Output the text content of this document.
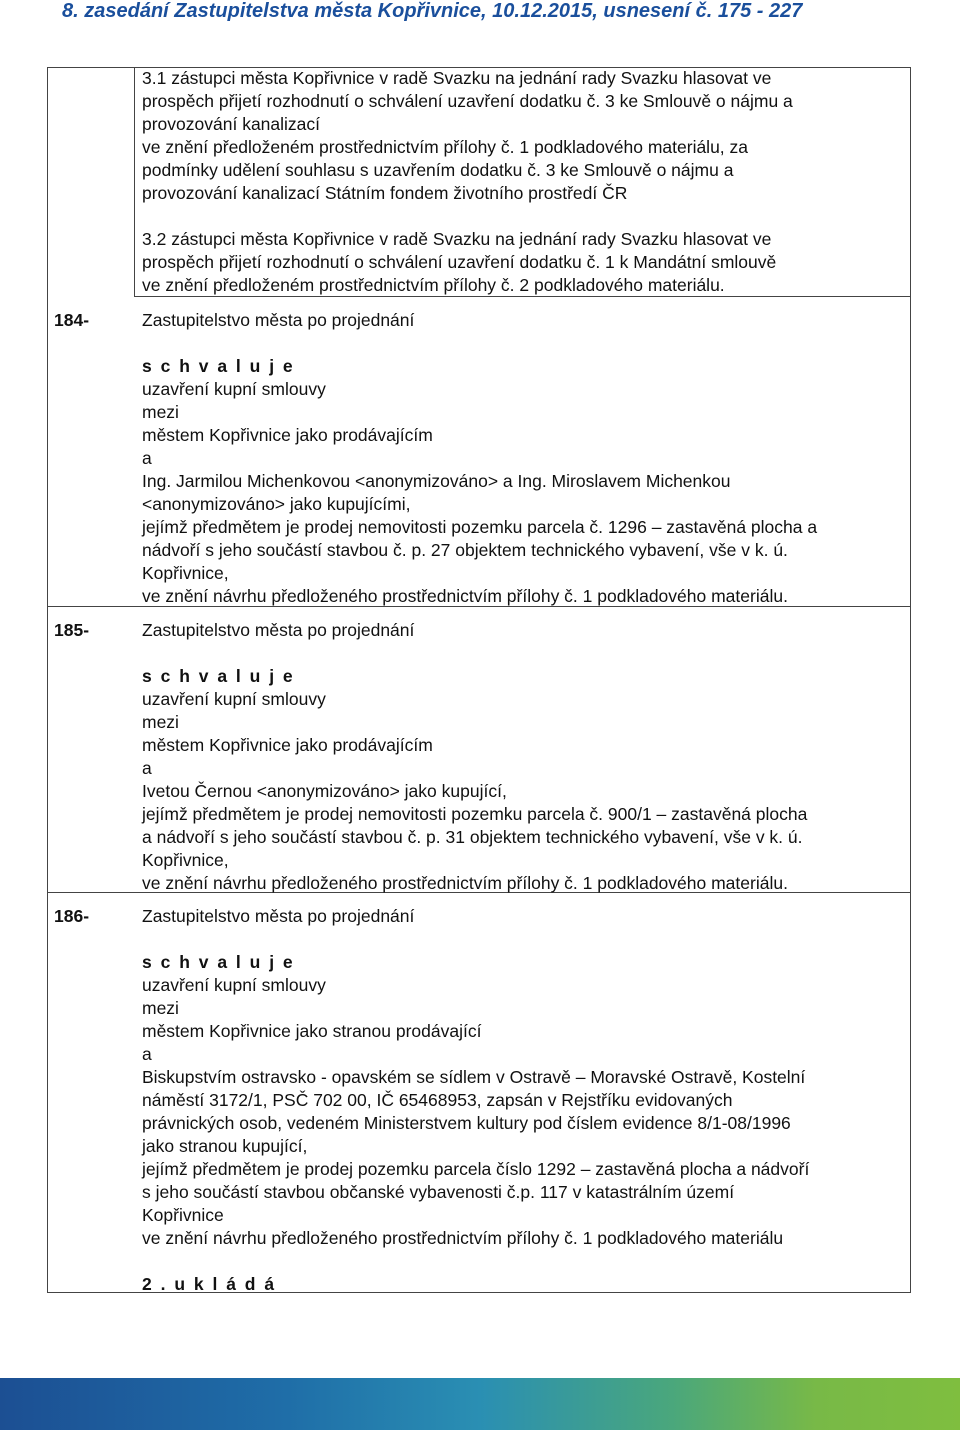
8. zasedání Zastupitelstva města Kopřivnice, 10.12.2015, usnesení č. 175 - 227
3.1 zástupci města Kopřivnice v radě Svazku na jednání rady Svazku hlasovat ve
prospěch přijetí rozhodnutí o schválení uzavření dodatku č. 3 ke Smlouvě o nájmu a
provozování kanalizací
ve znění předloženém prostřednictvím přílohy č. 1 podkladového materiálu, za
podmínky udělení souhlasu s uzavřením dodatku č. 3 ke Smlouvě o nájmu a
provozování kanalizací Státním fondem životního prostředí ČR
3.2 zástupci města Kopřivnice v radě Svazku na jednání rady Svazku hlasovat ve
prospěch přijetí rozhodnutí o schválení uzavření dodatku č. 1 k Mandátní smlouvě
ve znění předloženém prostřednictvím přílohy č. 2 podkladového materiálu.
184-	Zastupitelstvo města po projednání
s c h v a l u j e
uzavření kupní smlouvy
mezi
městem Kopřivnice jako prodávajícím
a
Ing. Jarmilou Michenkovou <anonymizováno> a Ing. Miroslavem Michenkou
<anonymizováno> jako kupujícími,
jejímž předmětem je prodej nemovitosti pozemku parcela č. 1296 – zastavěná plocha a
nádvoří s jeho součástí stavbou č. p. 27 objektem technického vybavení, vše v k. ú.
Kopřivnice,
ve znění návrhu předloženého prostřednictvím přílohy č. 1 podkladového materiálu.
185-	Zastupitelstvo města po projednání
s c h v a l u j e
uzavření kupní smlouvy
mezi
městem Kopřivnice jako prodávajícím
a
Ivetou Černou <anonymizováno> jako kupující,
jejímž předmětem je prodej nemovitosti pozemku parcela č. 900/1 – zastavěná plocha
a nádvoří s jeho součástí stavbou č. p. 31 objektem technického vybavení, vše v k. ú.
Kopřivnice,
ve znění návrhu předloženého prostřednictvím přílohy č. 1 podkladového materiálu.
186-	Zastupitelstvo města po projednání
s c h v a l u j e
uzavření kupní smlouvy
mezi
městem Kopřivnice jako stranou prodávající
a
Biskupstvím ostravsko - opavském se sídlem v Ostravě – Moravské Ostravě, Kostelní
náměstí 3172/1, PSČ 702 00, IČ 65468953, zapsán v Rejstříku evidovaných
právnických osob, vedeném Ministerstvem kultury pod číslem evidence 8/1-08/1996
jako stranou kupující,
jejímž předmětem je prodej pozemku parcela číslo 1292 – zastavěná plocha a nádvoří
s jeho součástí stavbou občanské vybavenosti č.p. 117 v katastrálním území
Kopřivnice
ve znění návrhu předloženého prostřednictvím přílohy č. 1 podkladového materiálu
2 . u k l á d á
